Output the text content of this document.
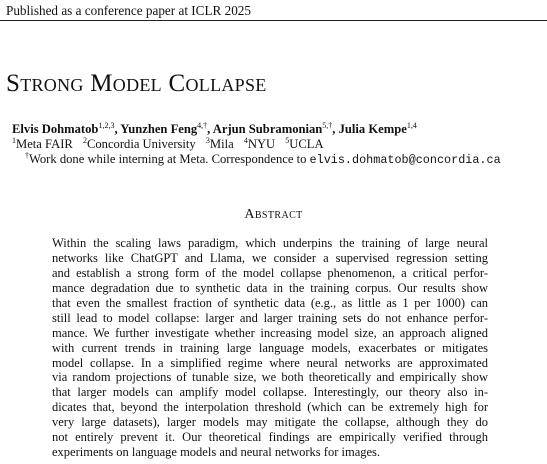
Published as a conference paper at ICLR 2025
Strong Model Collapse
Elvis Dohmatob$^{1,2,3}$, Yunzhen Feng$^{4,\dagger}$, Arjun Subramonian$^{5,\dagger}$, Julia Kempe$^{1,4}$
$^1$Meta FAIR $^2$Concordia University $^3$Mila $^4$NYU $^5$UCLA
†Work done while interning at Meta. Correspondence to elvis.dohmatob@concordia.ca
Abstract
Within the scaling laws paradigm, which underpins the training of large neural
networks like ChatGPT and Llama, we consider a supervised regression setting
and establish a strong form of the model collapse phenomenon, a critical perfor-
mance degradation due to synthetic data in the training corpus. Our results show
that even the smallest fraction of synthetic data (e.g., as little as 1 per 1000) can
still lead to model collapse: larger and larger training sets do not enhance perfor-
mance. We further investigate whether increasing model size, an approach aligned
with current trends in training large language models, exacerbates or mitigates
model collapse. In a simplified regime where neural networks are approximated
via random projections of tunable size, we both theoretically and empirically show
that larger models can amplify model collapse. Interestingly, our theory also in-
dicates that, beyond the interpolation threshold (which can be extremely high for
very large datasets), larger models may mitigate the collapse, although they do
not entirely prevent it. Our theoretical findings are empirically verified through
experiments on language models and neural networks for images.
